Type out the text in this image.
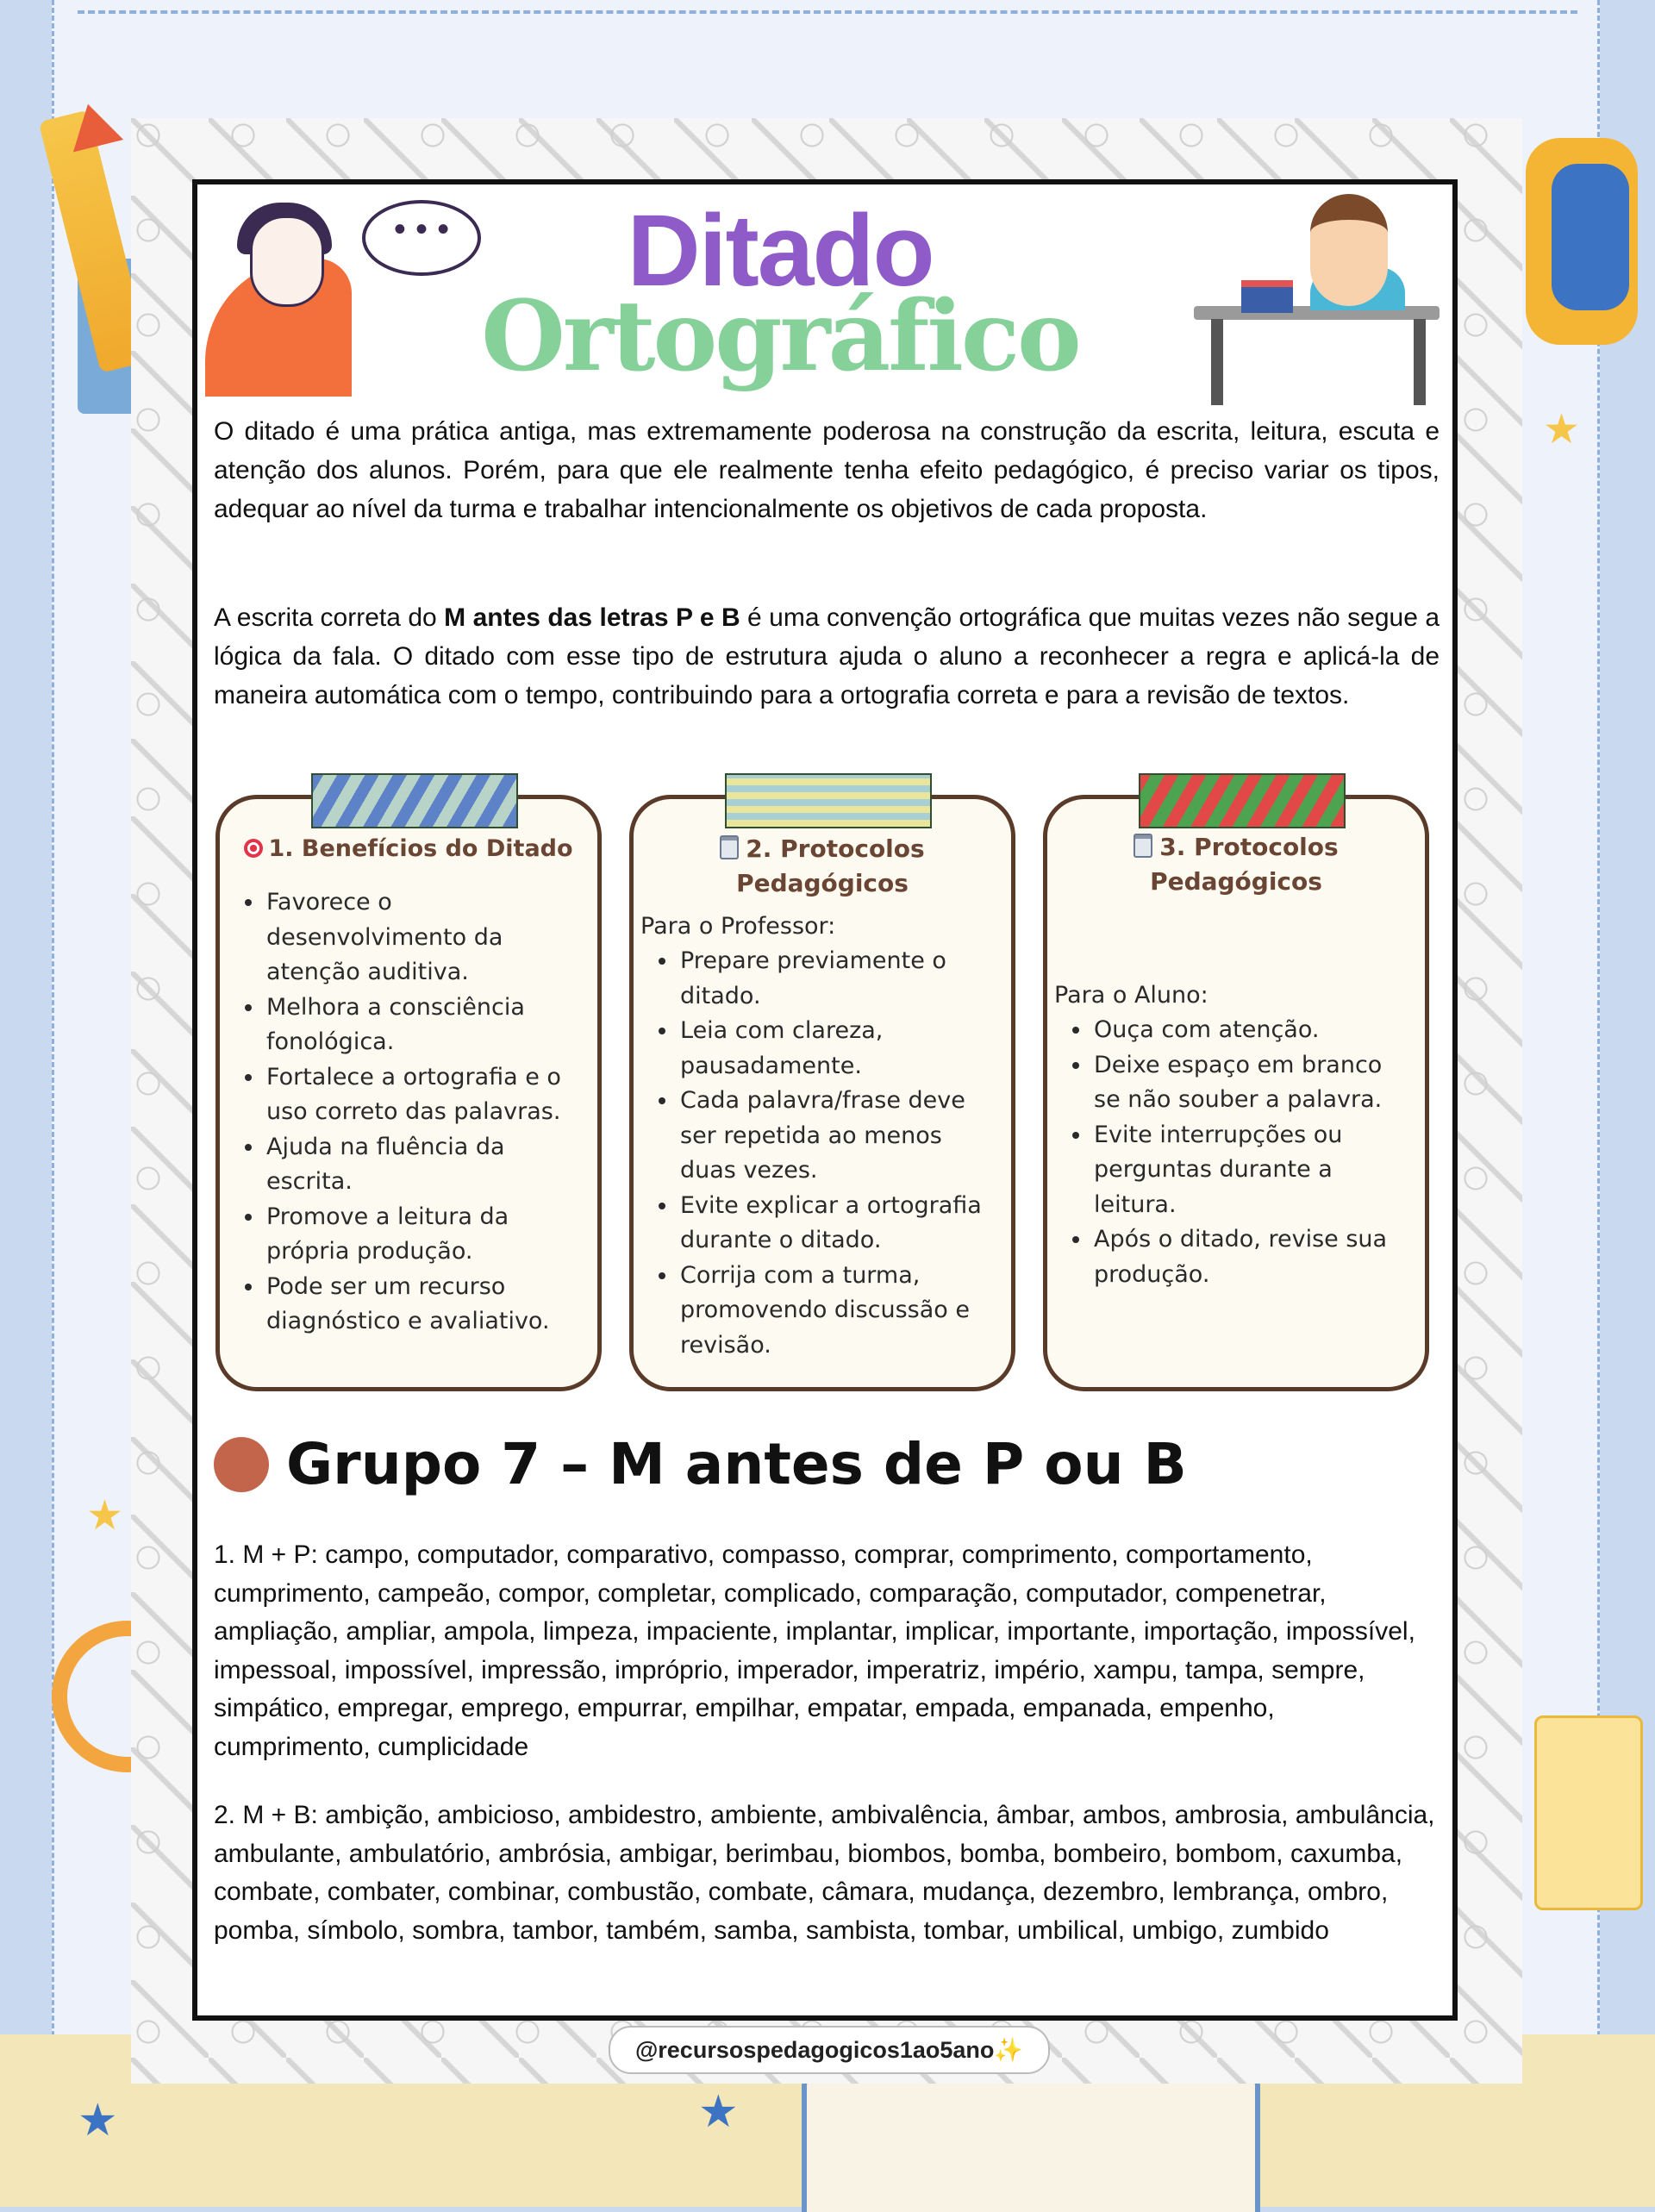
★
★
★	★
• • •	Ditado
Ortográfico

O ditado é uma prática antiga, mas extremamente poderosa na construção da escrita, leitura, escuta e atenção dos alunos. Porém, para que ele realmente tenha efeito pedagógico, é preciso variar os tipos, adequar ao nível da turma e trabalhar intencionalmente os objetivos de cada proposta.

A escrita correta do M antes das letras P e B é uma convenção ortográfica que muitas vezes não segue a lógica da fala. O ditado com esse tipo de estrutura ajuda o aluno a reconhecer a regra e aplicá-la de maneira automática com o tempo, contribuindo para a ortografia correta e para a revisão de textos.

1. Benefícios do Ditado
• Favorece o desenvolvimento da atenção auditiva.
• Melhora a consciência fonológica.
• Fortalece a ortografia e o uso correto das palavras.
• Ajuda na fluência da escrita.
• Promove a leitura da própria produção.
• Pode ser um recurso diagnóstico e avaliativo.
2. Protocolos Pedagógicos
Para o Professor:
• Prepare previamente o ditado.
• Leia com clareza, pausadamente.
• Cada palavra/frase deve ser repetida ao menos duas vezes.
• Evite explicar a ortografia durante o ditado.
• Corrija com a turma, promovendo discussão e revisão.
3. Protocolos Pedagógicos
Para o Aluno:
• Ouça com atenção.
• Deixe espaço em branco se não souber a palavra.
• Evite interrupções ou perguntas durante a leitura.
• Após o ditado, revise sua produção.
Grupo 7 – M antes de P ou B

1. M + P: campo, computador, comparativo, compasso, comprar, comprimento, comportamento, cumprimento, campeão, compor, completar, complicado, comparação, computador, compenetrar, ampliação, ampliar, ampola, limpeza, impaciente, implantar, implicar, importante, importação, impossível, impessoal, impossível, impressão, impróprio, imperador, imperatriz, império, xampu, tampa, sempre, simpático, empregar, emprego, empurrar, empilhar, empatar, empada, empanada, empenho, cumprimento, cumplicidade

2. M + B: ambição, ambicioso, ambidestro, ambiente, ambivalência, âmbar, ambos, ambrosia, ambulância, ambulante, ambulatório, ambrósia, ambigar, berimbau, biombos, bomba, bombeiro, bombom, caxumba, combate, combater, combinar, combustão, combate, câmara, mudança, dezembro, lembrança, ombro, pomba, símbolo, sombra, tambor, também, samba, sambista, tombar, umbilical, umbigo, zumbido

@recursospedagogicos1ao5ano✨
